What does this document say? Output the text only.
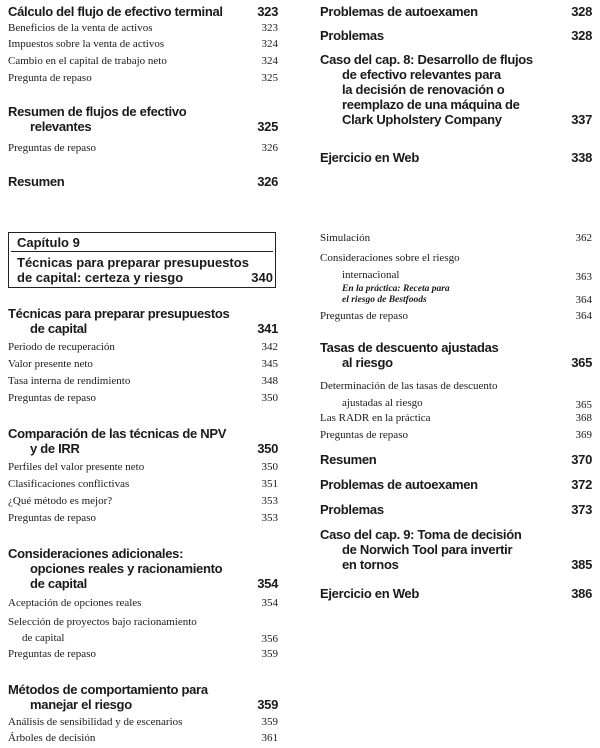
Cálculo del flujo de efectivo terminal	323
Beneficios de la venta de activos	323
Impuestos sobre la venta de activos	324
Cambio en el capital de trabajo neto	324
Pregunta de repaso	325
Resumen de flujos de efectivo
relevantes	325
Preguntas de repaso	326
Resumen	326
Problemas de autoexamen	328
Problemas	328
Caso del cap. 8: Desarrollo de flujos
de efectivo relevantes para
la decisión de renovación o
reemplazo de una máquina de
Clark Upholstery Company	337
Ejercicio en Web	338
Capítulo 9
Técnicas para preparar presupuestos
de capital: certeza y riesgo	340
Técnicas para preparar presupuestos
de capital	341
Periodo de recuperación	342
Valor presente neto	345
Tasa interna de rendimiento	348
Preguntas de repaso	350
Comparación de las técnicas de NPV
y de IRR	350
Perfiles del valor presente neto	350
Clasificaciones conflictivas	351
¿Qué método es mejor?	353
Preguntas de repaso	353
Consideraciones adicionales:
opciones reales y racionamiento
de capital	354
Aceptación de opciones reales	354
Selección de proyectos bajo racionamiento
de capital	356
Preguntas de repaso	359
Métodos de comportamiento para
manejar el riesgo	359
Análisis de sensibilidad y de escenarios	359
Árboles de decisión	361
Simulación	362
Consideraciones sobre el riesgo
internacional	363
En la práctica: Receta para
el riesgo de Bestfoods	364
Preguntas de repaso	364
Tasas de descuento ajustadas
al riesgo	365
Determinación de las tasas de descuento
ajustadas al riesgo	365
Las RADR en la práctica	368
Preguntas de repaso	369
Resumen	370
Problemas de autoexamen	372
Problemas	373
Caso del cap. 9: Toma de decisión
de Norwich Tool para invertir
en tornos	385
Ejercicio en Web	386
